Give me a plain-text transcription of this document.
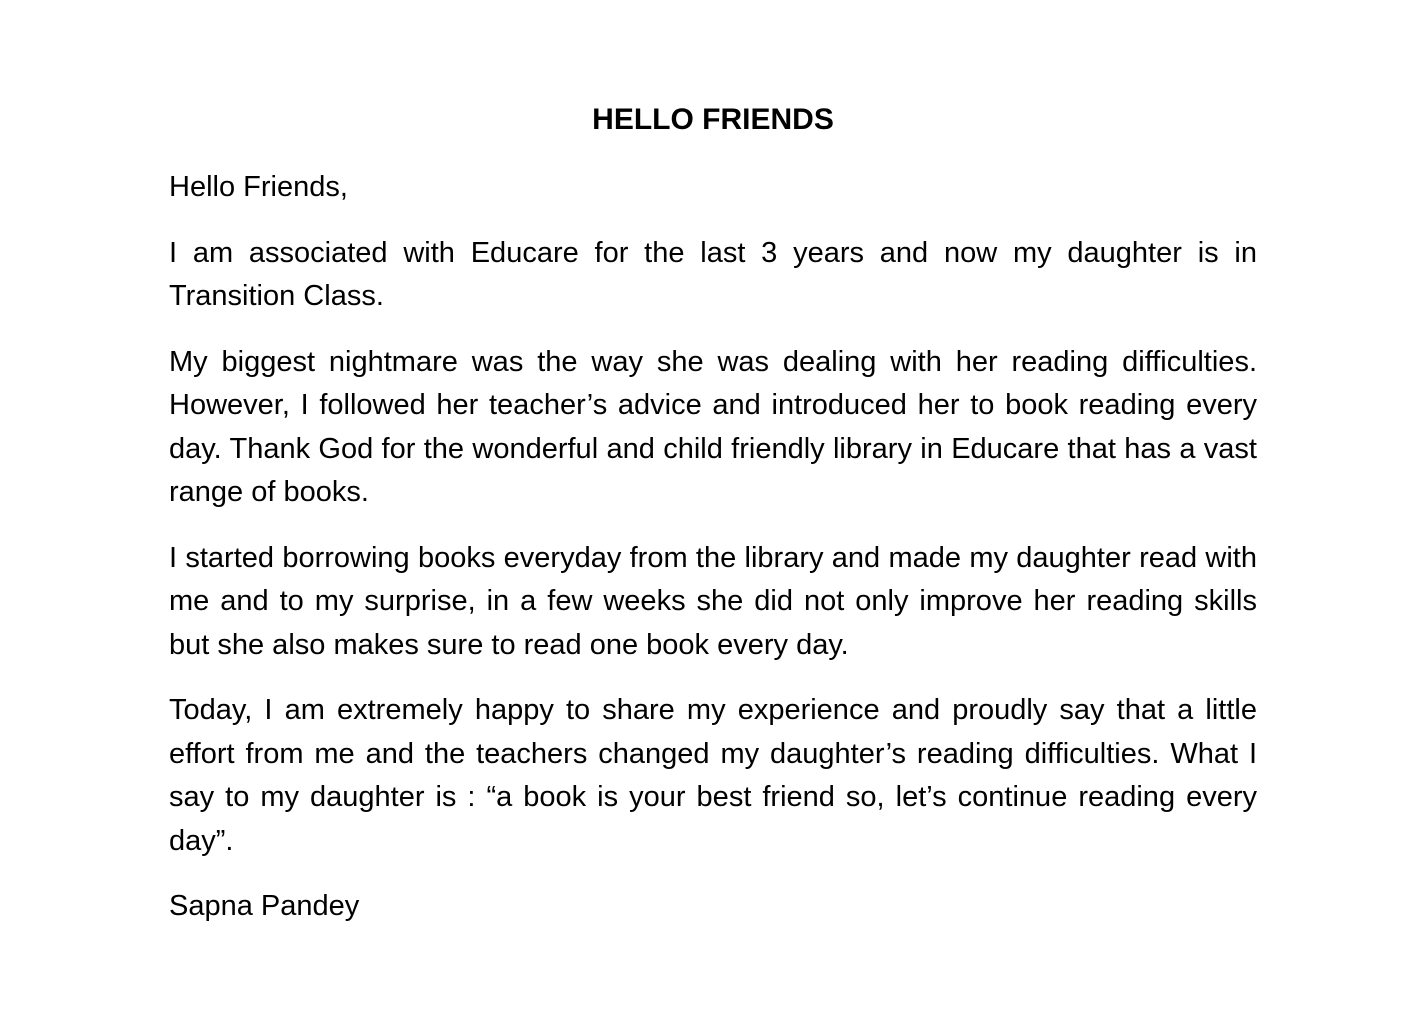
HELLO FRIENDS

Hello Friends,

I am associated with Educare for the last 3 years and now my daughter is in Transition Class.

My biggest nightmare was the way she was dealing with her reading difficulties. However, I followed her teacher’s advice and introduced her to book reading every day. Thank God for the wonderful and child friendly library in Educare that has a vast range of books.

I started borrowing books everyday from the library and made my daughter read with me and to my surprise, in a few weeks she did not only improve her reading skills but she also makes sure to read one book every day.

Today, I am extremely happy to share my experience and proudly say that a little effort from me and the teachers changed my daughter’s reading difficulties. What I say to my daughter is : “a book is your best friend so, let’s continue reading every day”.

Sapna Pandey
